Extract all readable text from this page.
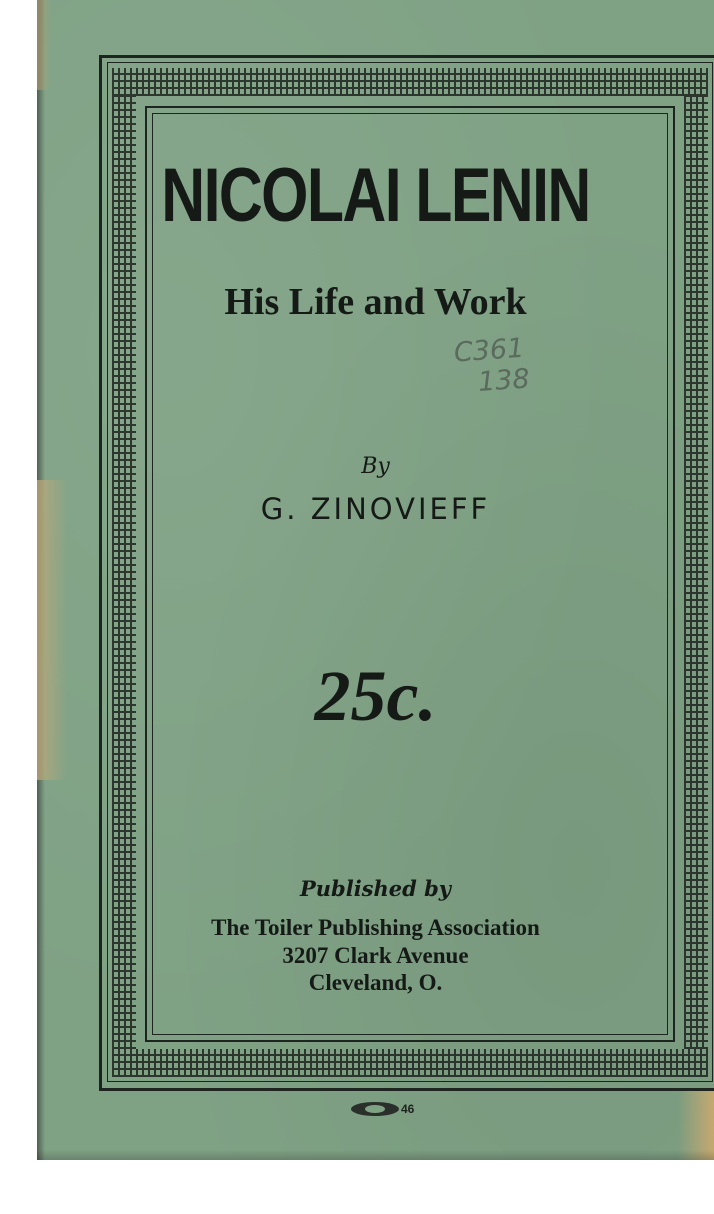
NICOLAI LENIN
His Life and Work
C361
138
By
G. ZINOVIEFF
25c.
Published by
The Toiler Publishing Association
3207 Clark Avenue
Cleveland, O.
46
